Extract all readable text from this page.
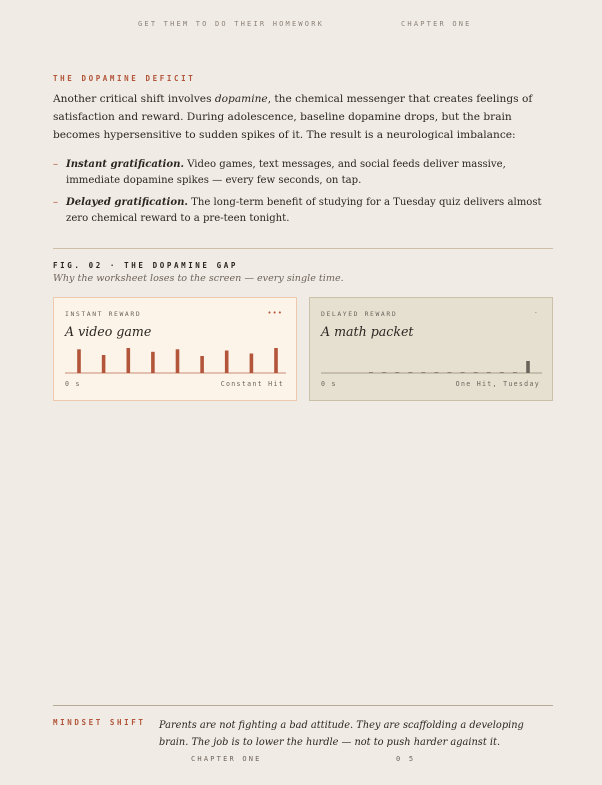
GET THEM TO DO THEIR HOMEWORK	CHAPTER ONE
THE DOPAMINE DEFICIT

Another critical shift involves dopamine, the chemical messenger that creates feelings of satisfaction and reward. During adolescence, baseline dopamine drops, but the brain becomes hypersensitive to sudden spikes of it. The result is a neurological imbalance:

– Instant gratification. Video games, text messages, and social feeds deliver massive, immediate dopamine spikes — every few seconds, on tap.
– Delayed gratification. The long-term benefit of studying for a Tuesday quiz delivers almost zero chemical reward to a pre-teen tonight.
FIG. 02 · THE DOPAMINE GAP
Why the worksheet loses to the screen — every single time.
INSTANT REWARD	•••
A video game
0 s	Constant Hit
DELAYED REWARD	·
A math packet
0 s	One Hit, Tuesday
MINDSET SHIFT Parents are not fighting a bad attitude. They are scaffolding a developing brain. The job is to lower the hurdle — not to push harder against it.

CHAPTER ONE	0 5
